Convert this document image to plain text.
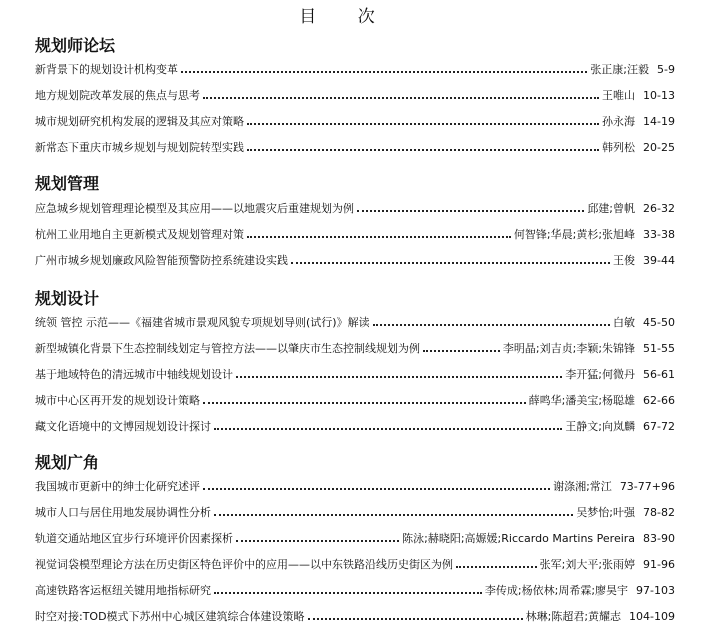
目 次
规划师论坛
新背景下的规划设计机构变革	张正康;汪毅 5-9
地方规划院改革发展的焦点与思考	王唯山 10-13
城市规划研究机构发展的逻辑及其应对策略	孙永海 14-19
新常态下重庆市城乡规划与规划院转型实践	韩列松 20-25
规划管理
应急城乡规划管理理论模型及其应用——以地震灾后重建规划为例	邱建;曾帆 26-32
杭州工业用地自主更新模式及规划管理对策	何智锋;华晨;黄杉;张旭峰 33-38
广州市城乡规划廉政风险智能预警防控系统建设实践	王俊 39-44
规划设计
统领 管控 示范——《福建省城市景观风貌专项规划导则(试行)》解读	白敏 45-50
新型城镇化背景下生态控制线划定与管控方法——以肇庆市生态控制线规划为例	李明晶;刘吉贞;李颖;朱锦锋 51-55
基于地域特色的清远城市中轴线规划设计	李开猛;何微丹 56-61
城市中心区再开发的规划设计策略	薛鸣华;潘美宝;杨聪雄 62-66
藏文化语境中的文博园规划设计探讨	王静文;向岚麟 67-72
规划广角
我国城市更新中的绅士化研究述评	谢涤湘;常江 73-77+96
城市人口与居住用地发展协调性分析	吴梦怡;叶强 78-82
轨道交通站地区宜步行环境评价因素探析	陈泳;赫晓阳;高嫄媛;Riccardo Martins Pereira 83-90
视觉词袋模型理论方法在历史街区特色评价中的应用——以中东铁路沿线历史街区为例	张军;刘大平;张雨婷 91-96
高速铁路客运枢纽关键用地指标研究	李传成;杨依林;周希霖;廖昊宇 97-103
时空对接:TOD模式下苏州中心城区建筑综合体建设策略	林琳;陈超君;黄耀志 104-109
